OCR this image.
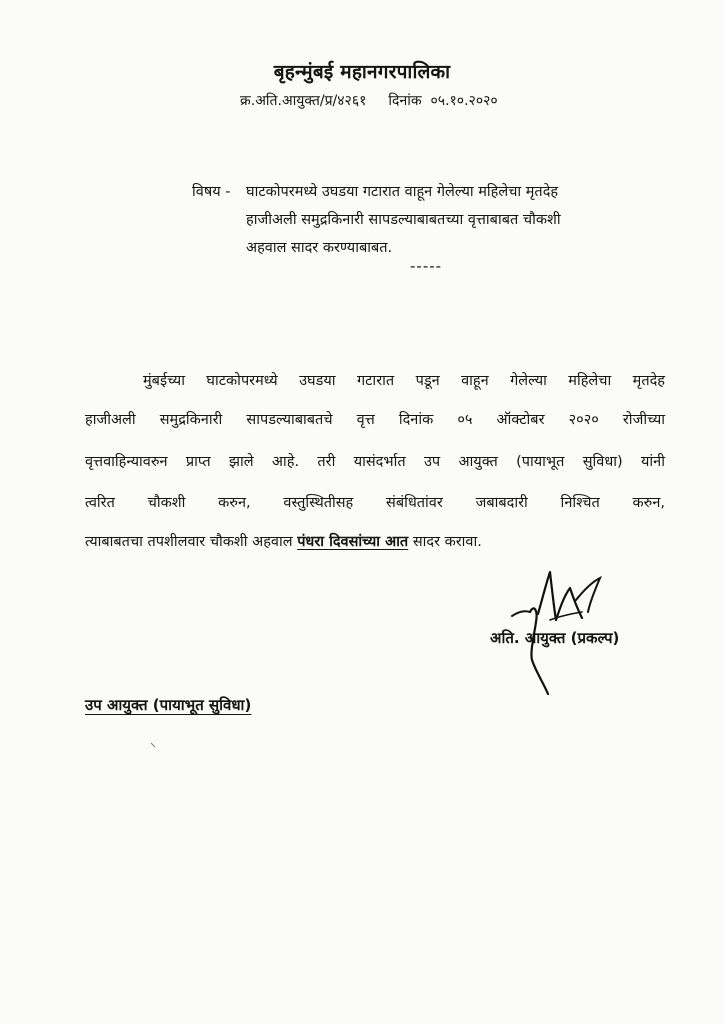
बृहन्मुंबई महानगरपालिका
क्र.अति.आयुक्त/प्र/४२६१ दिनांक ०५.१०.२०२०
विषय - घाटकोपरमध्ये उघडया गटारात वाहून गेलेल्या महिलेचा मृतदेह
हाजीअली समुद्रकिनारी सापडल्याबाबतच्या वृत्ताबाबत चौकशी
अहवाल सादर करण्याबाबत.
-----
मुंबईच्या घाटकोपरमध्ये उघडया गटारात पडून वाहून गेलेल्या महिलेचा मृतदेह
हाजीअली समुद्रकिनारी सापडल्याबाबतचे वृत्त दिनांक ०५ ऑक्टोबर २०२० रोजीच्या
वृत्तवाहिन्यावरुन प्राप्त झाले आहे. तरी यासंदर्भात उप आयुक्त (पायाभूत सुविधा) यांनी
त्वरित चौकशी करुन, वस्तुस्थितीसह संबंधितांवर जबाबदारी निश्चित करुन,
त्याबाबतचा तपशीलवार चौकशी अहवाल पंधरा दिवसांच्या आत सादर करावा.
अति. आयुक्त (प्रकल्प)
उप आयुक्त (पायाभूत सुविधा)
